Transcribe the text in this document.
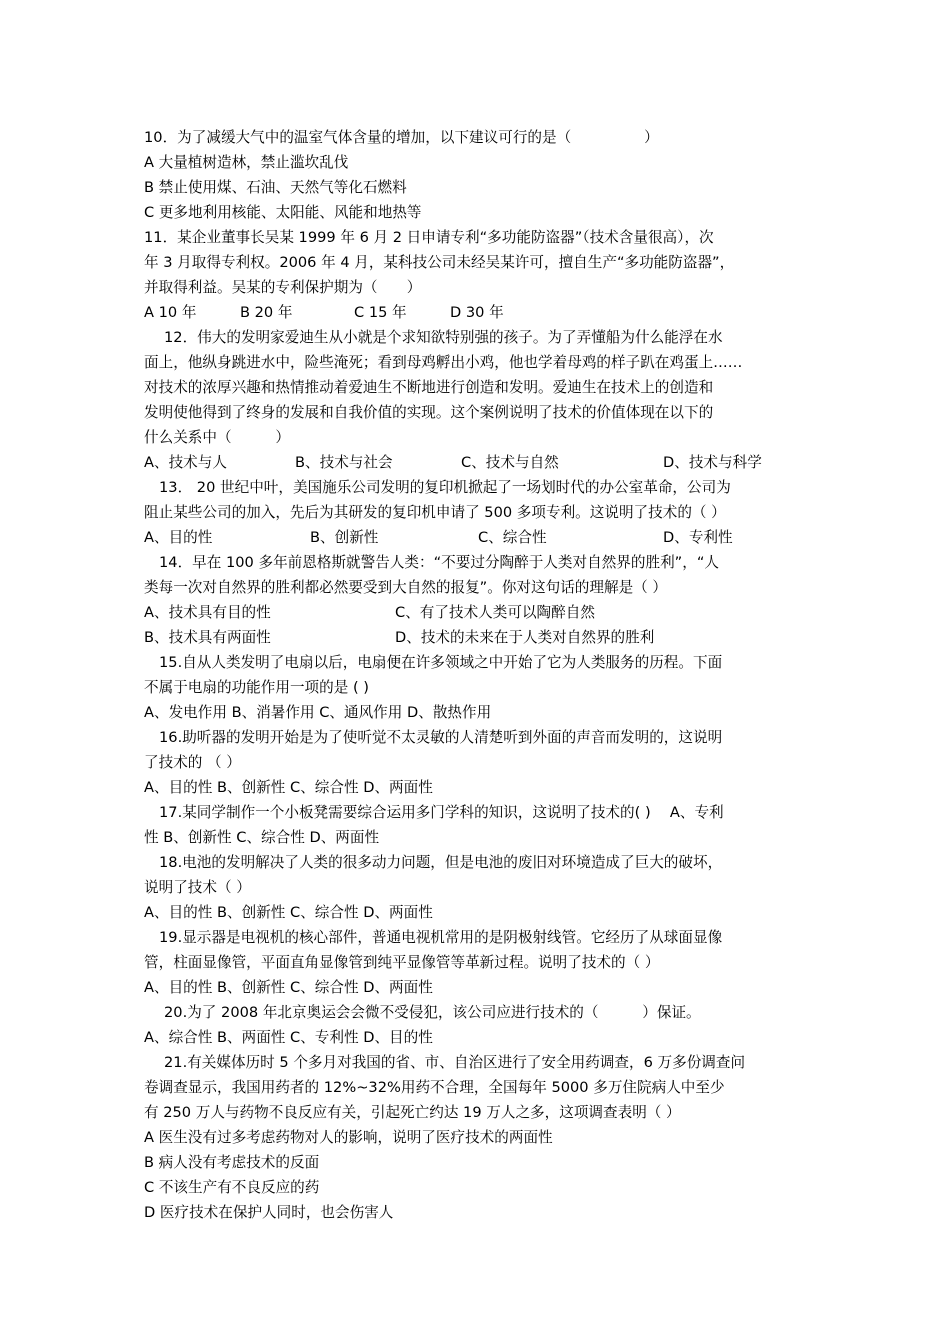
10．为了减缓大气中的温室气体含量的增加，以下建议可行的是（　　　　　）
A 大量植树造林，禁止滥坎乱伐
B 禁止使用煤、石油、天然气等化石燃料
C 更多地利用核能、太阳能、风能和地热等
11．某企业董事长吴某 1999 年 6 月 2 日申请专利“多功能防盗器”（技术含量很高），次
年 3 月取得专利权。2006 年 4 月，某科技公司未经吴某许可，擅自生产“多功能防盗器”，
并取得利益。吴某的专利保护期为（　　）
A 10 年	B 20 年	C 15 年	D 30 年
12．伟大的发明家爱迪生从小就是个求知欲特别强的孩子。为了弄懂船为什么能浮在水
面上，他纵身跳进水中，险些淹死；看到母鸡孵出小鸡，他也学着母鸡的样子趴在鸡蛋上……
对技术的浓厚兴趣和热情推动着爱迪生不断地进行创造和发明。爱迪生在技术上的创造和
发明使他得到了终身的发展和自我价值的实现。这个案例说明了技术的价值体现在以下的
什么关系中（　　　）
A、技术与人	B、技术与社会	C、技术与自然	D、技术与科学
13． 20 世纪中叶，美国施乐公司发明的复印机掀起了一场划时代的办公室革命，公司为
阻止某些公司的加入，先后为其研发的复印机申请了 500 多项专利。这说明了技术的（ ）
A、目的性	B、创新性	C、综合性	D、专利性
14．早在 100 多年前恩格斯就警告人类：“不要过分陶醉于人类对自然界的胜利”，“人
类每一次对自然界的胜利都必然要受到大自然的报复”。你对这句话的理解是（ ）
A、技术具有目的性	C、有了技术人类可以陶醉自然
B、技术具有两面性	D、技术的未来在于人类对自然界的胜利
15.自从人类发明了电扇以后，电扇便在许多领域之中开始了它为人类服务的历程。下面
不属于电扇的功能作用一项的是 ( )
A、发电作用 B、消暑作用 C、通风作用 D、散热作用
16.助听器的发明开始是为了使听觉不太灵敏的人清楚听到外面的声音而发明的，这说明
了技术的 （ ）
A、目的性 B、创新性 C、综合性 D、两面性
17.某同学制作一个小板凳需要综合运用多门学科的知识，这说明了技术的( )　 A、专利
性 B、创新性 C、综合性 D、两面性
18.电池的发明解决了人类的很多动力问题，但是电池的废旧对环境造成了巨大的破坏，
说明了技术（ ）
A、目的性 B、创新性 C、综合性 D、两面性
19.显示器是电视机的核心部件，普通电视机常用的是阴极射线管。它经历了从球面显像
管，柱面显像管，平面直角显像管到纯平显像管等革新过程。说明了技术的（ ）
A、目的性 B、创新性 C、综合性 D、两面性
20.为了 2008 年北京奥运会会微不受侵犯，该公司应进行技术的（　　　）保证。
A、综合性 B、两面性 C、专利性 D、目的性
21.有关媒体历时 5 个多月对我国的省、市、自治区进行了安全用药调查，6 万多份调查问
卷调查显示，我国用药者的 12%~32%用药不合理，全国每年 5000 多万住院病人中至少
有 250 万人与药物不良反应有关，引起死亡约达 19 万人之多，这项调查表明（ ）
A 医生没有过多考虑药物对人的影响，说明了医疗技术的两面性
B 病人没有考虑技术的反面
C 不该生产有不良反应的药
D 医疗技术在保护人同时，也会伤害人
